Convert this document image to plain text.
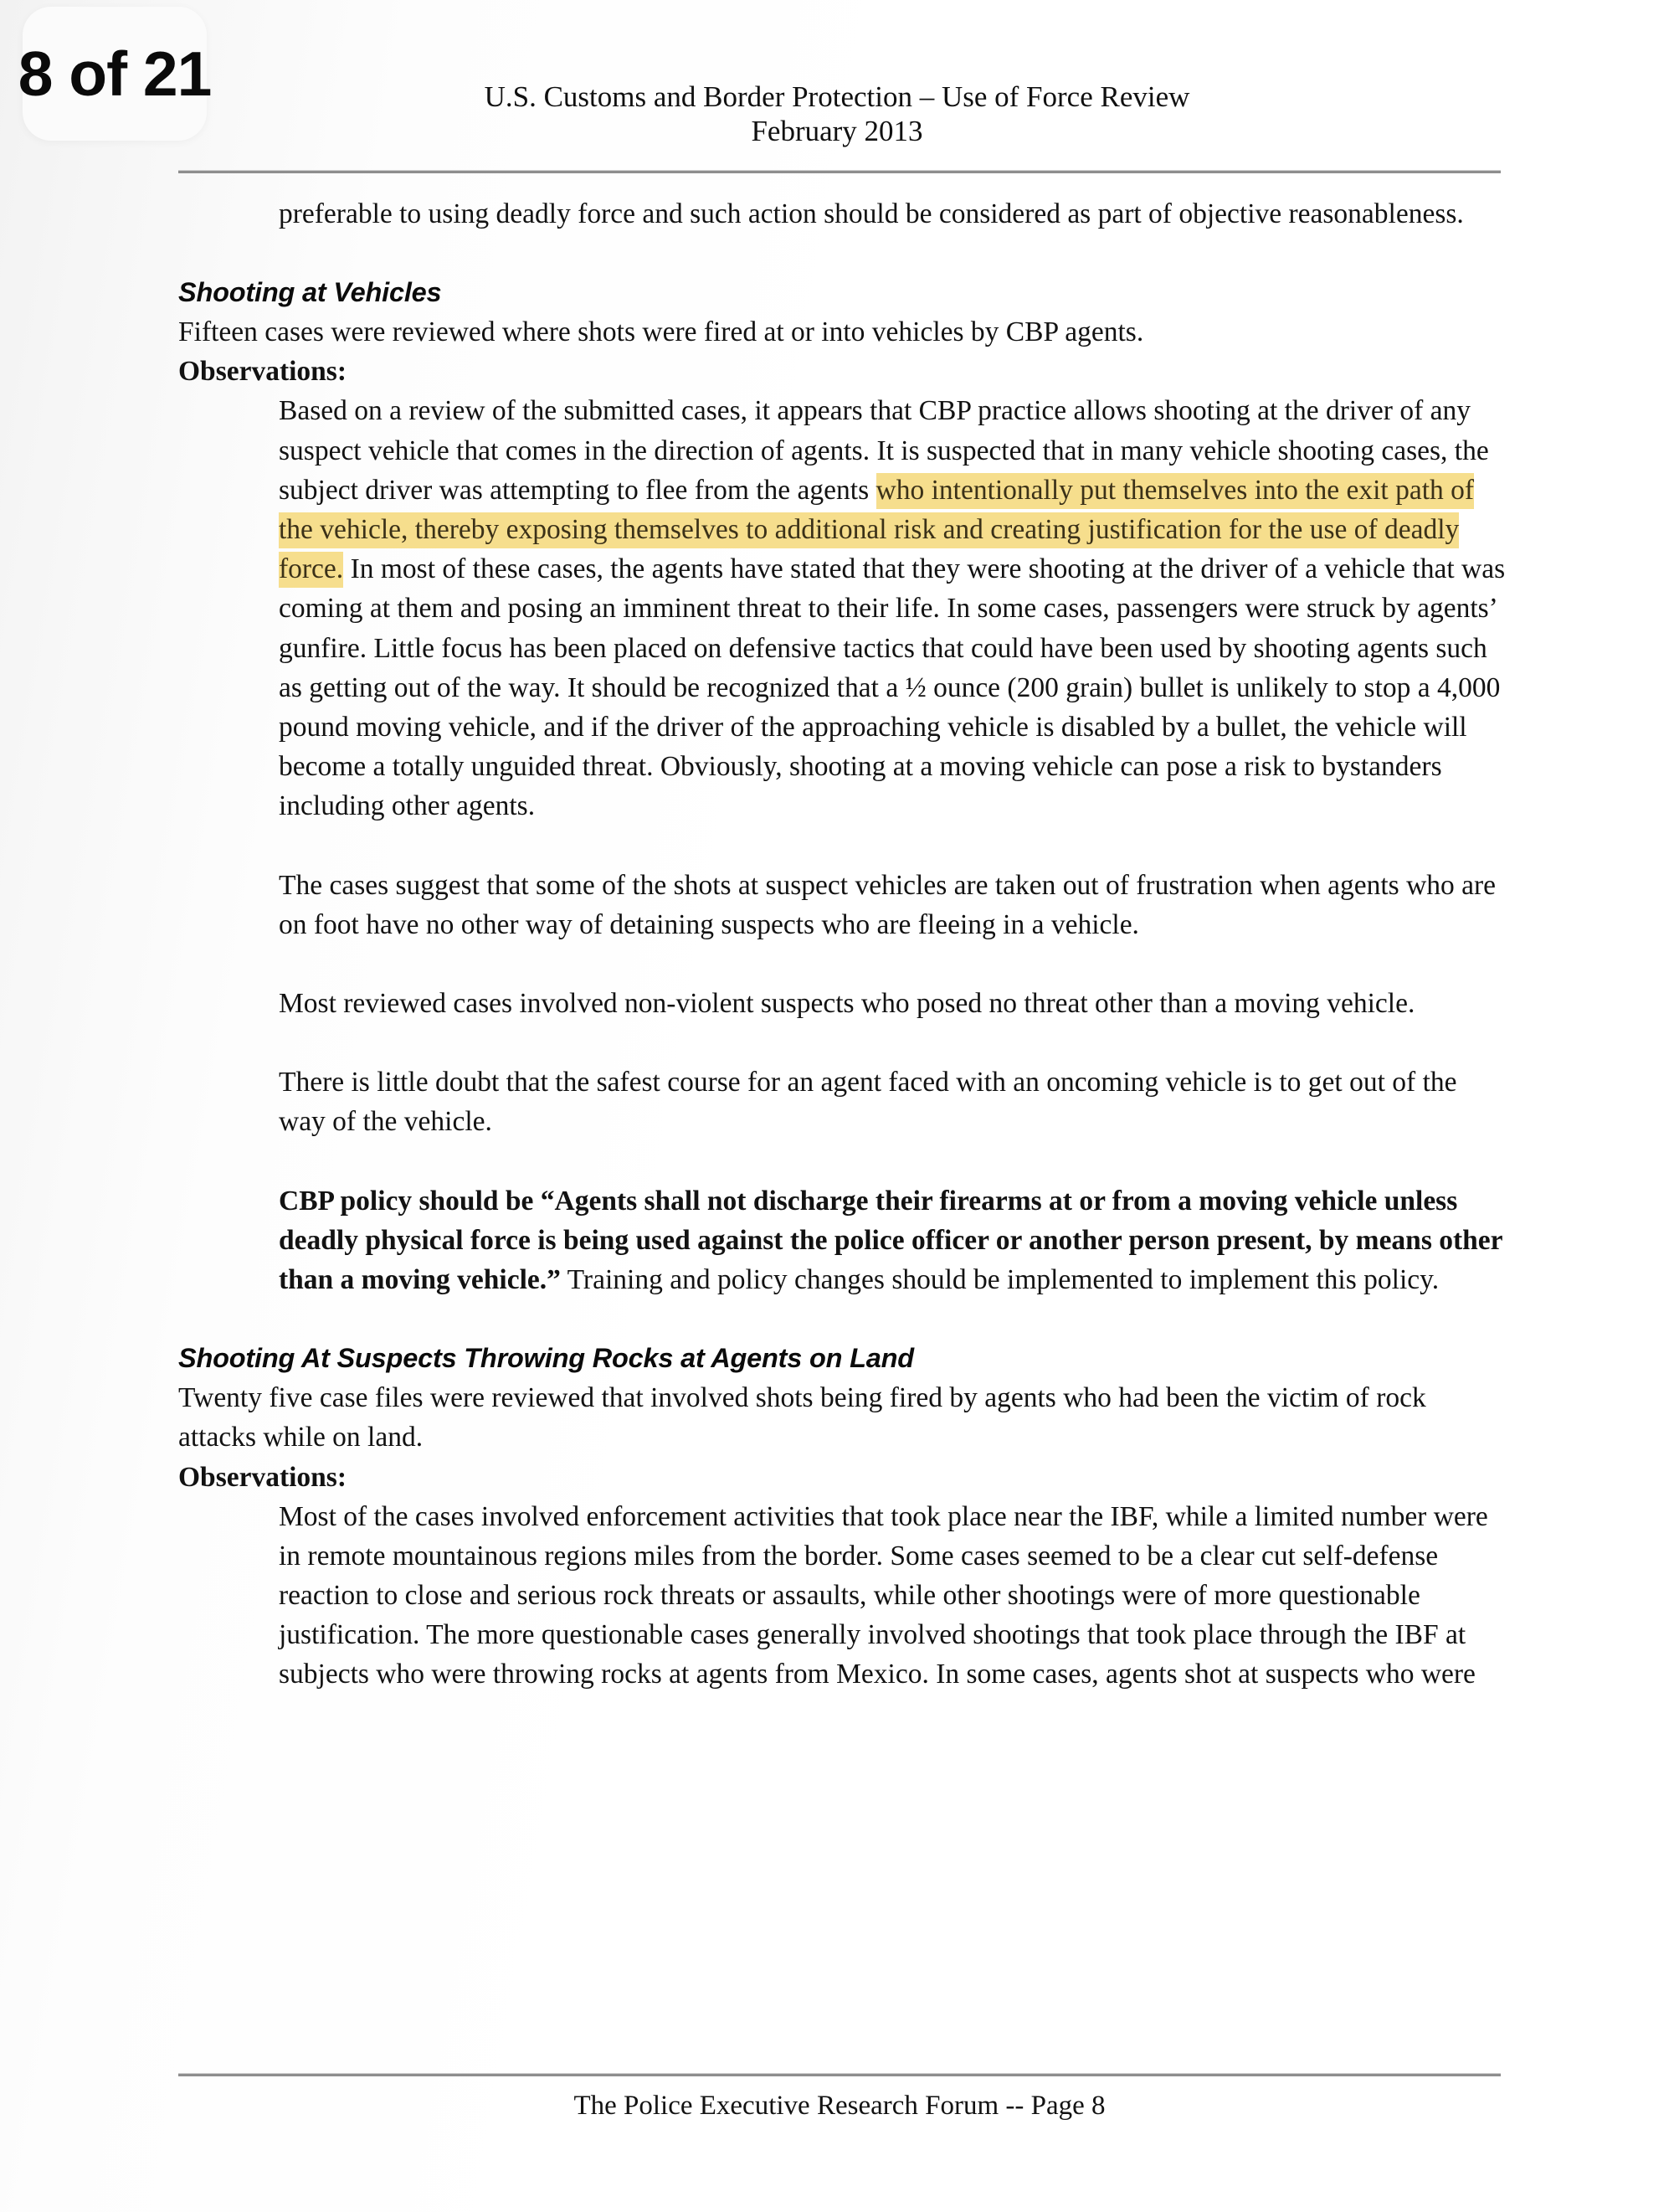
8 of 21	U.S. Customs and Border Protection – Use of Force Review
February 2013

preferable to using deadly force and such action should be considered as part of objective reasonableness.

Shooting at Vehicles

Fifteen cases were reviewed where shots were fired at or into vehicles by CBP agents.

Observations:

Based on a review of the submitted cases, it appears that CBP practice allows shooting at the driver of any suspect vehicle that comes in the direction of agents. It is suspected that in many vehicle shooting cases, the subject driver was attempting to flee from the agents who intentionally put themselves into the exit path of the vehicle, thereby exposing themselves to additional risk and creating justification for the use of deadly force. In most of these cases, the agents have stated that they were shooting at the driver of a vehicle that was coming at them and posing an imminent threat to their life. In some cases, passengers were struck by agents’ gunfire. Little focus has been placed on defensive tactics that could have been used by shooting agents such as getting out of the way. It should be recognized that a ½ ounce (200 grain) bullet is unlikely to stop a 4,000 pound moving vehicle, and if the driver of the approaching vehicle is disabled by a bullet, the vehicle will become a totally unguided threat. Obviously, shooting at a moving vehicle can pose a risk to bystanders including other agents.

The cases suggest that some of the shots at suspect vehicles are taken out of frustration when agents who are on foot have no other way of detaining suspects who are fleeing in a vehicle.

Most reviewed cases involved non-violent suspects who posed no threat other than a moving vehicle.

There is little doubt that the safest course for an agent faced with an oncoming vehicle is to get out of the way of the vehicle.

CBP policy should be “Agents shall not discharge their firearms at or from a moving vehicle unless deadly physical force is being used against the police officer or another person present, by means other than a moving vehicle.” Training and policy changes should be implemented to implement this policy.

Shooting At Suspects Throwing Rocks at Agents on Land

Twenty five case files were reviewed that involved shots being fired by agents who had been the victim of rock attacks while on land.

Observations:

Most of the cases involved enforcement activities that took place near the IBF, while a limited number were in remote mountainous regions miles from the border. Some cases seemed to be a clear cut self-defense reaction to close and serious rock threats or assaults, while other shootings were of more questionable justification. The more questionable cases generally involved shootings that took place through the IBF at subjects who were throwing rocks at agents from Mexico. In some cases, agents shot at suspects who were

The Police Executive Research Forum -- Page 8
